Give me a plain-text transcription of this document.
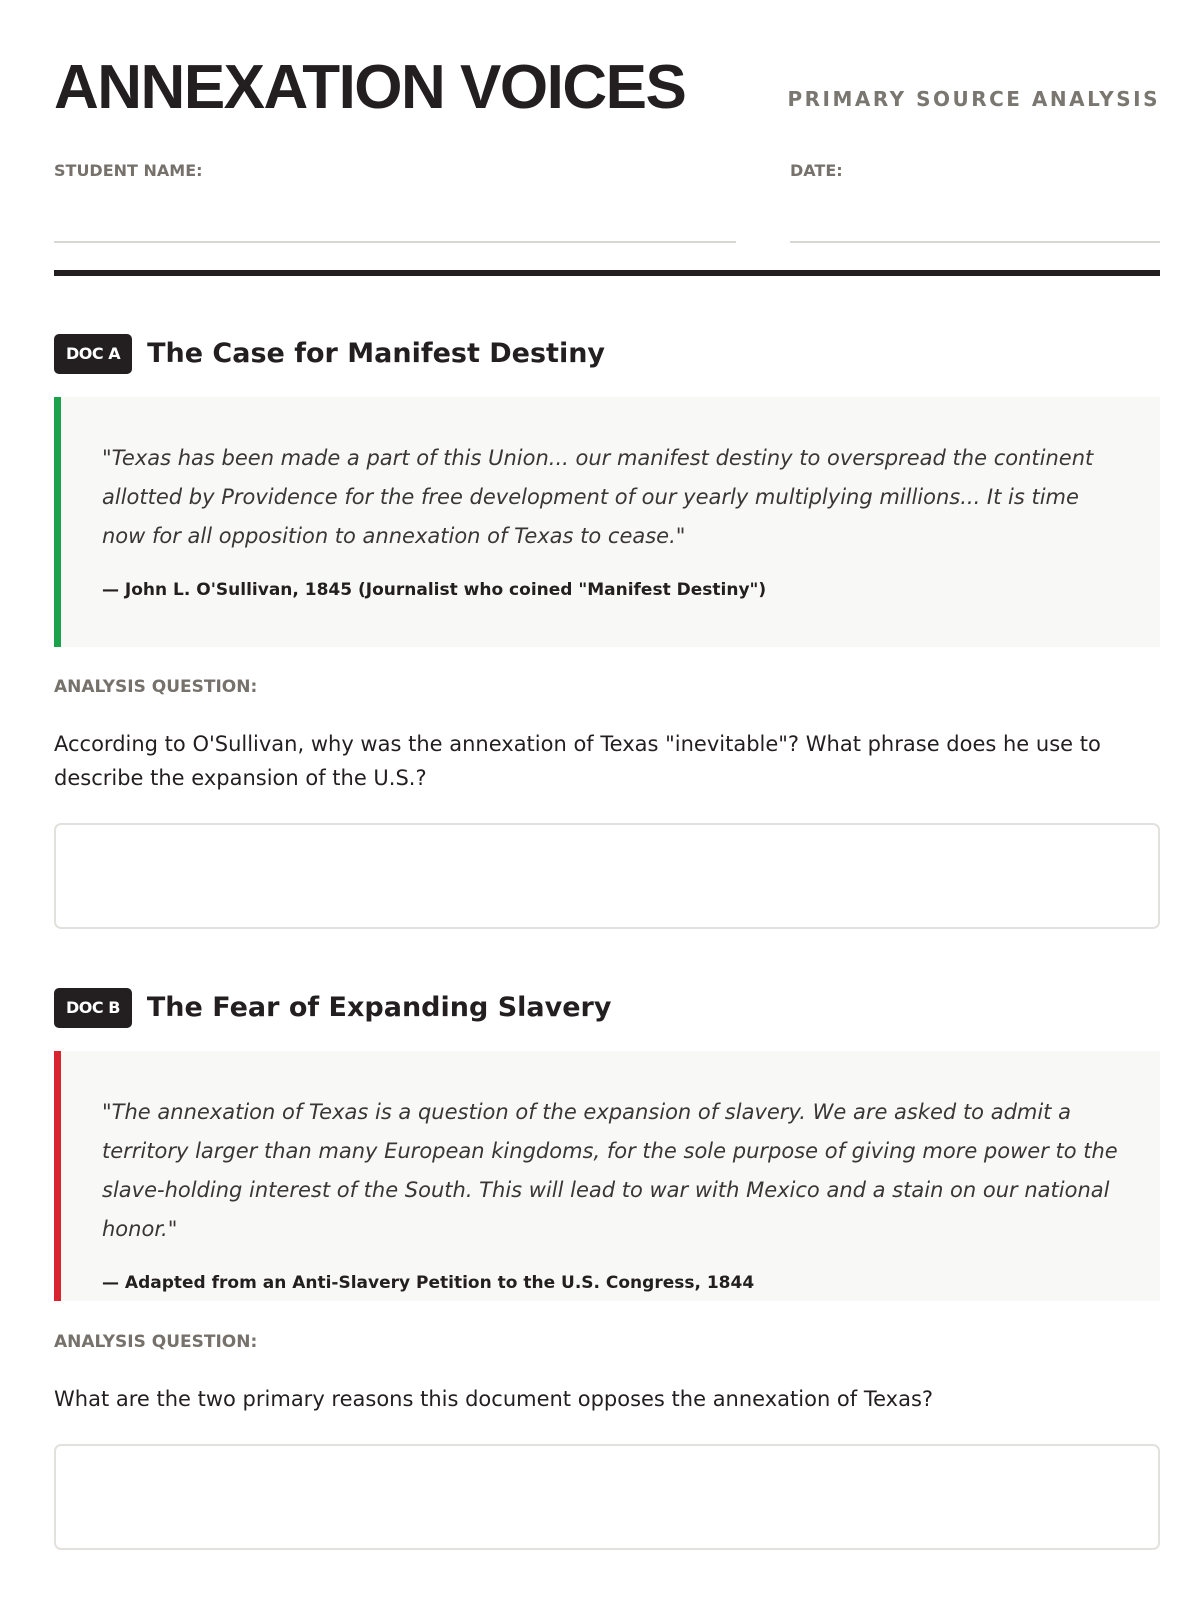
ANNEXATION VOICES	PRIMARY SOURCE ANALYSIS
STUDENT NAME:	DATE:
DOC A	The Case for Manifest Destiny

"Texas has been made a part of this Union... our manifest destiny to overspread the continent allotted by Providence for the free development of our yearly multiplying millions... It is time now for all opposition to annexation of Texas to cease."

— John L. O'Sullivan, 1845 (Journalist who coined "Manifest Destiny")

ANALYSIS QUESTION:

According to O'Sullivan, why was the annexation of Texas "inevitable"? What phrase does he use to describe the expansion of the U.S.?

DOC B	The Fear of Expanding Slavery

"The annexation of Texas is a question of the expansion of slavery. We are asked to admit a territory larger than many European kingdoms, for the sole purpose of giving more power to the slave-holding interest of the South. This will lead to war with Mexico and a stain on our national honor."

— Adapted from an Anti-Slavery Petition to the U.S. Congress, 1844

ANALYSIS QUESTION:

What are the two primary reasons this document opposes the annexation of Texas?
